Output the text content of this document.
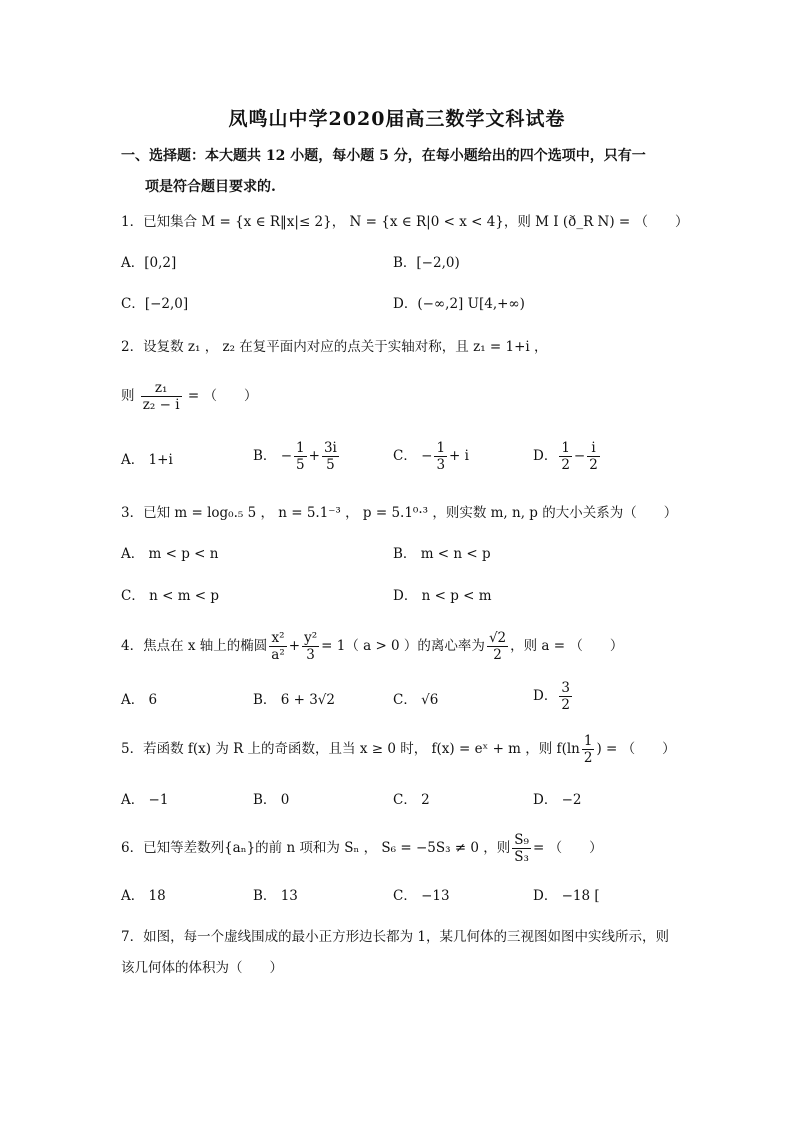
凤鸣山中学2020届高三数学文科试卷
一、选择题：本大题共 12 小题，每小题 5 分，在每小题给出的四个选项中，只有一
项是符合题目要求的.
1．已知集合 M = {x ∈ R‖x|≤ 2}， N = {x ∈ R|0 < x < 4}，则 M I (ð_R N) = （　　）
A．[0,2]	B．[−2,0)
C．[−2,0]	D．(−∞,2] U[4,+∞)
2．设复数 z₁ ， z₂ 在复平面内对应的点关于实轴对称，且 z₁ = 1+i ，
则 $\frac{\text{z₁}}{\text{z₂ − i}}$ = （　　）
A． 1+i	B． − $\frac{1}{5} + \frac{3i}{5}$	C． − $\frac{1}{3} + i$	D． $\frac{1}{2} - \frac{i}{2}$
3．已知 m = log₀.₅ 5 ， n = 5.1⁻³ ， p = 5.1⁰·³ ，则实数 m, n, p 的大小关系为（　　）
A． m < p < n	B． m < n < p
C． n < m < p	D． n < p < m
4．焦点在 x 轴上的椭圆 $\frac{\text{x²}}{\text{a²}} + \frac{\text{y²}}{3} = 1$（ a > 0 ）的离心率为 $\frac{√2}{2}$ ，则 a = （　　）
A． 6	B． 6 + 3√2	C． √6	D． $\frac{3}{2}$
5．若函数 f(x) 为 R 上的奇函数，且当 x ≥ 0 时， f(x) = eˣ + m ，则 $f(\ln \frac{1}{2}$ ) = （　　）
A． −1	B． 0	C． 2	D． −2
6．已知等差数列{aₙ}的前 n 项和为 Sₙ ， S₆ = −5S₃ ≠ 0 ，则 $\frac{\text{S₉}}{\text{S₃}}$ = （　　）
A． 18	B． 13	C． −13	D． −18 [
7．如图，每一个虚线围成的最小正方形边长都为 1，某几何体的三视图如图中实线所示，则
该几何体的体积为（　　）
